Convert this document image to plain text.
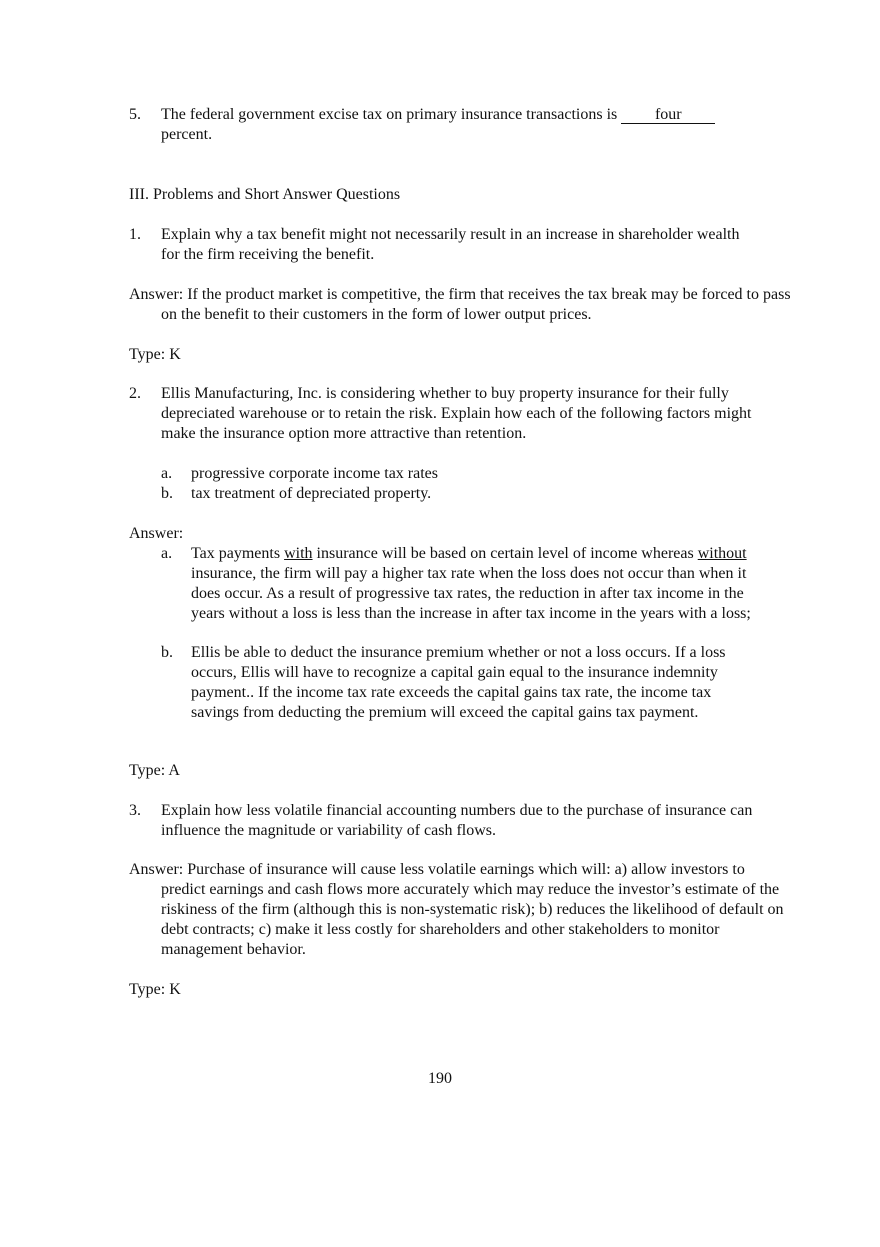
5.	The federal government excise tax on primary insurance transactions is four
percent.
III. Problems and Short Answer Questions
1.	Explain why a tax benefit might not necessarily result in an increase in shareholder wealth for the firm receiving the benefit.
Answer: If the product market is competitive, the firm that receives the tax break may be forced to pass on the benefit to their customers in the form of lower output prices.
Type: K
2.	Ellis Manufacturing, Inc. is considering whether to buy property insurance for their fully depreciated warehouse or to retain the risk. Explain how each of the following factors might make the insurance option more attractive than retention.
a.	progressive corporate income tax rates
b.	tax treatment of depreciated property.
Answer:
a.	Tax payments with insurance will be based on certain level of income whereas without insurance, the firm will pay a higher tax rate when the loss does not occur than when it does occur. As a result of progressive tax rates, the reduction in after tax income in the years without a loss is less than the increase in after tax income in the years with a loss;
b.	Ellis be able to deduct the insurance premium whether or not a loss occurs. If a loss occurs, Ellis will have to recognize a capital gain equal to the insurance indemnity payment.. If the income tax rate exceeds the capital gains tax rate, the income tax savings from deducting the premium will exceed the capital gains tax payment.
Type: A
3.	Explain how less volatile financial accounting numbers due to the purchase of insurance can influence the magnitude or variability of cash flows.
Answer: Purchase of insurance will cause less volatile earnings which will: a) allow investors to predict earnings and cash flows more accurately which may reduce the investor’s estimate of the riskiness of the firm (although this is non-systematic risk); b) reduces the likelihood of default on debt contracts; c) make it less costly for shareholders and other stakeholders to monitor management behavior.
Type: K
190
